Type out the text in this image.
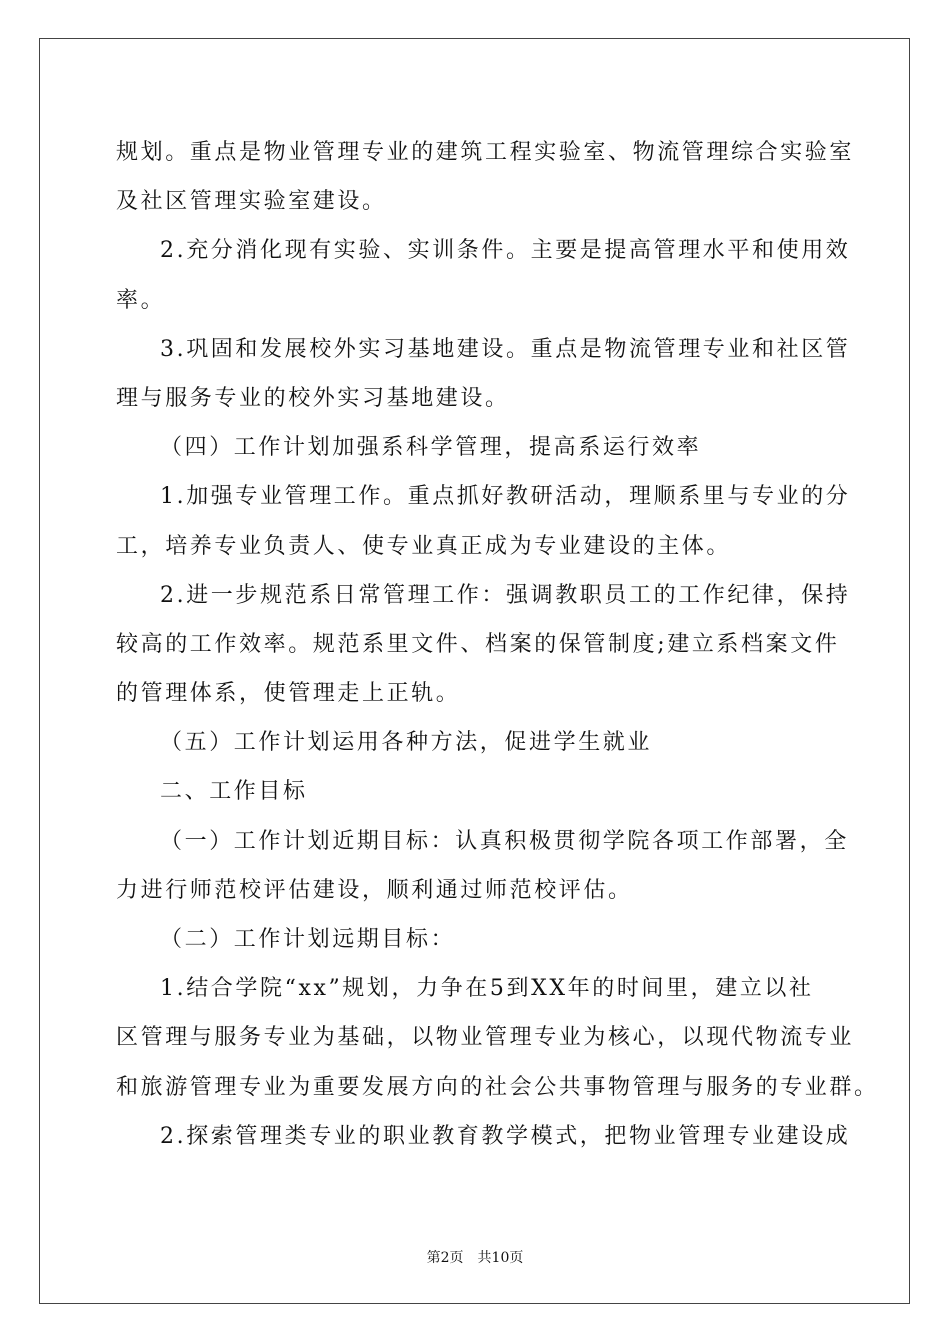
规划。重点是物业管理专业的建筑工程实验室、物流管理综合实验室
及社区管理实验室建设。
2.充分消化现有实验、实训条件。主要是提高管理水平和使用效
率。
3.巩固和发展校外实习基地建设。重点是物流管理专业和社区管
理与服务专业的校外实习基地建设。
（四）工作计划加强系科学管理，提高系运行效率
1.加强专业管理工作。重点抓好教研活动，理顺系里与专业的分
工，培养专业负责人、使专业真正成为专业建设的主体。
2.进一步规范系日常管理工作：强调教职员工的工作纪律，保持
较高的工作效率。规范系里文件、档案的保管制度;建立系档案文件
的管理体系，使管理走上正轨。
（五）工作计划运用各种方法，促进学生就业
二、工作目标
（一）工作计划近期目标：认真积极贯彻学院各项工作部署，全
力进行师范校评估建设，顺利通过师范校评估。
（二）工作计划远期目标：
1.结合学院“xx”规划，力争在5到XX年的时间里，建立以社
区管理与服务专业为基础，以物业管理专业为核心，以现代物流专业
和旅游管理专业为重要发展方向的社会公共事物管理与服务的专业群。
2.探索管理类专业的职业教育教学模式，把物业管理专业建设成
第2页 共10页
